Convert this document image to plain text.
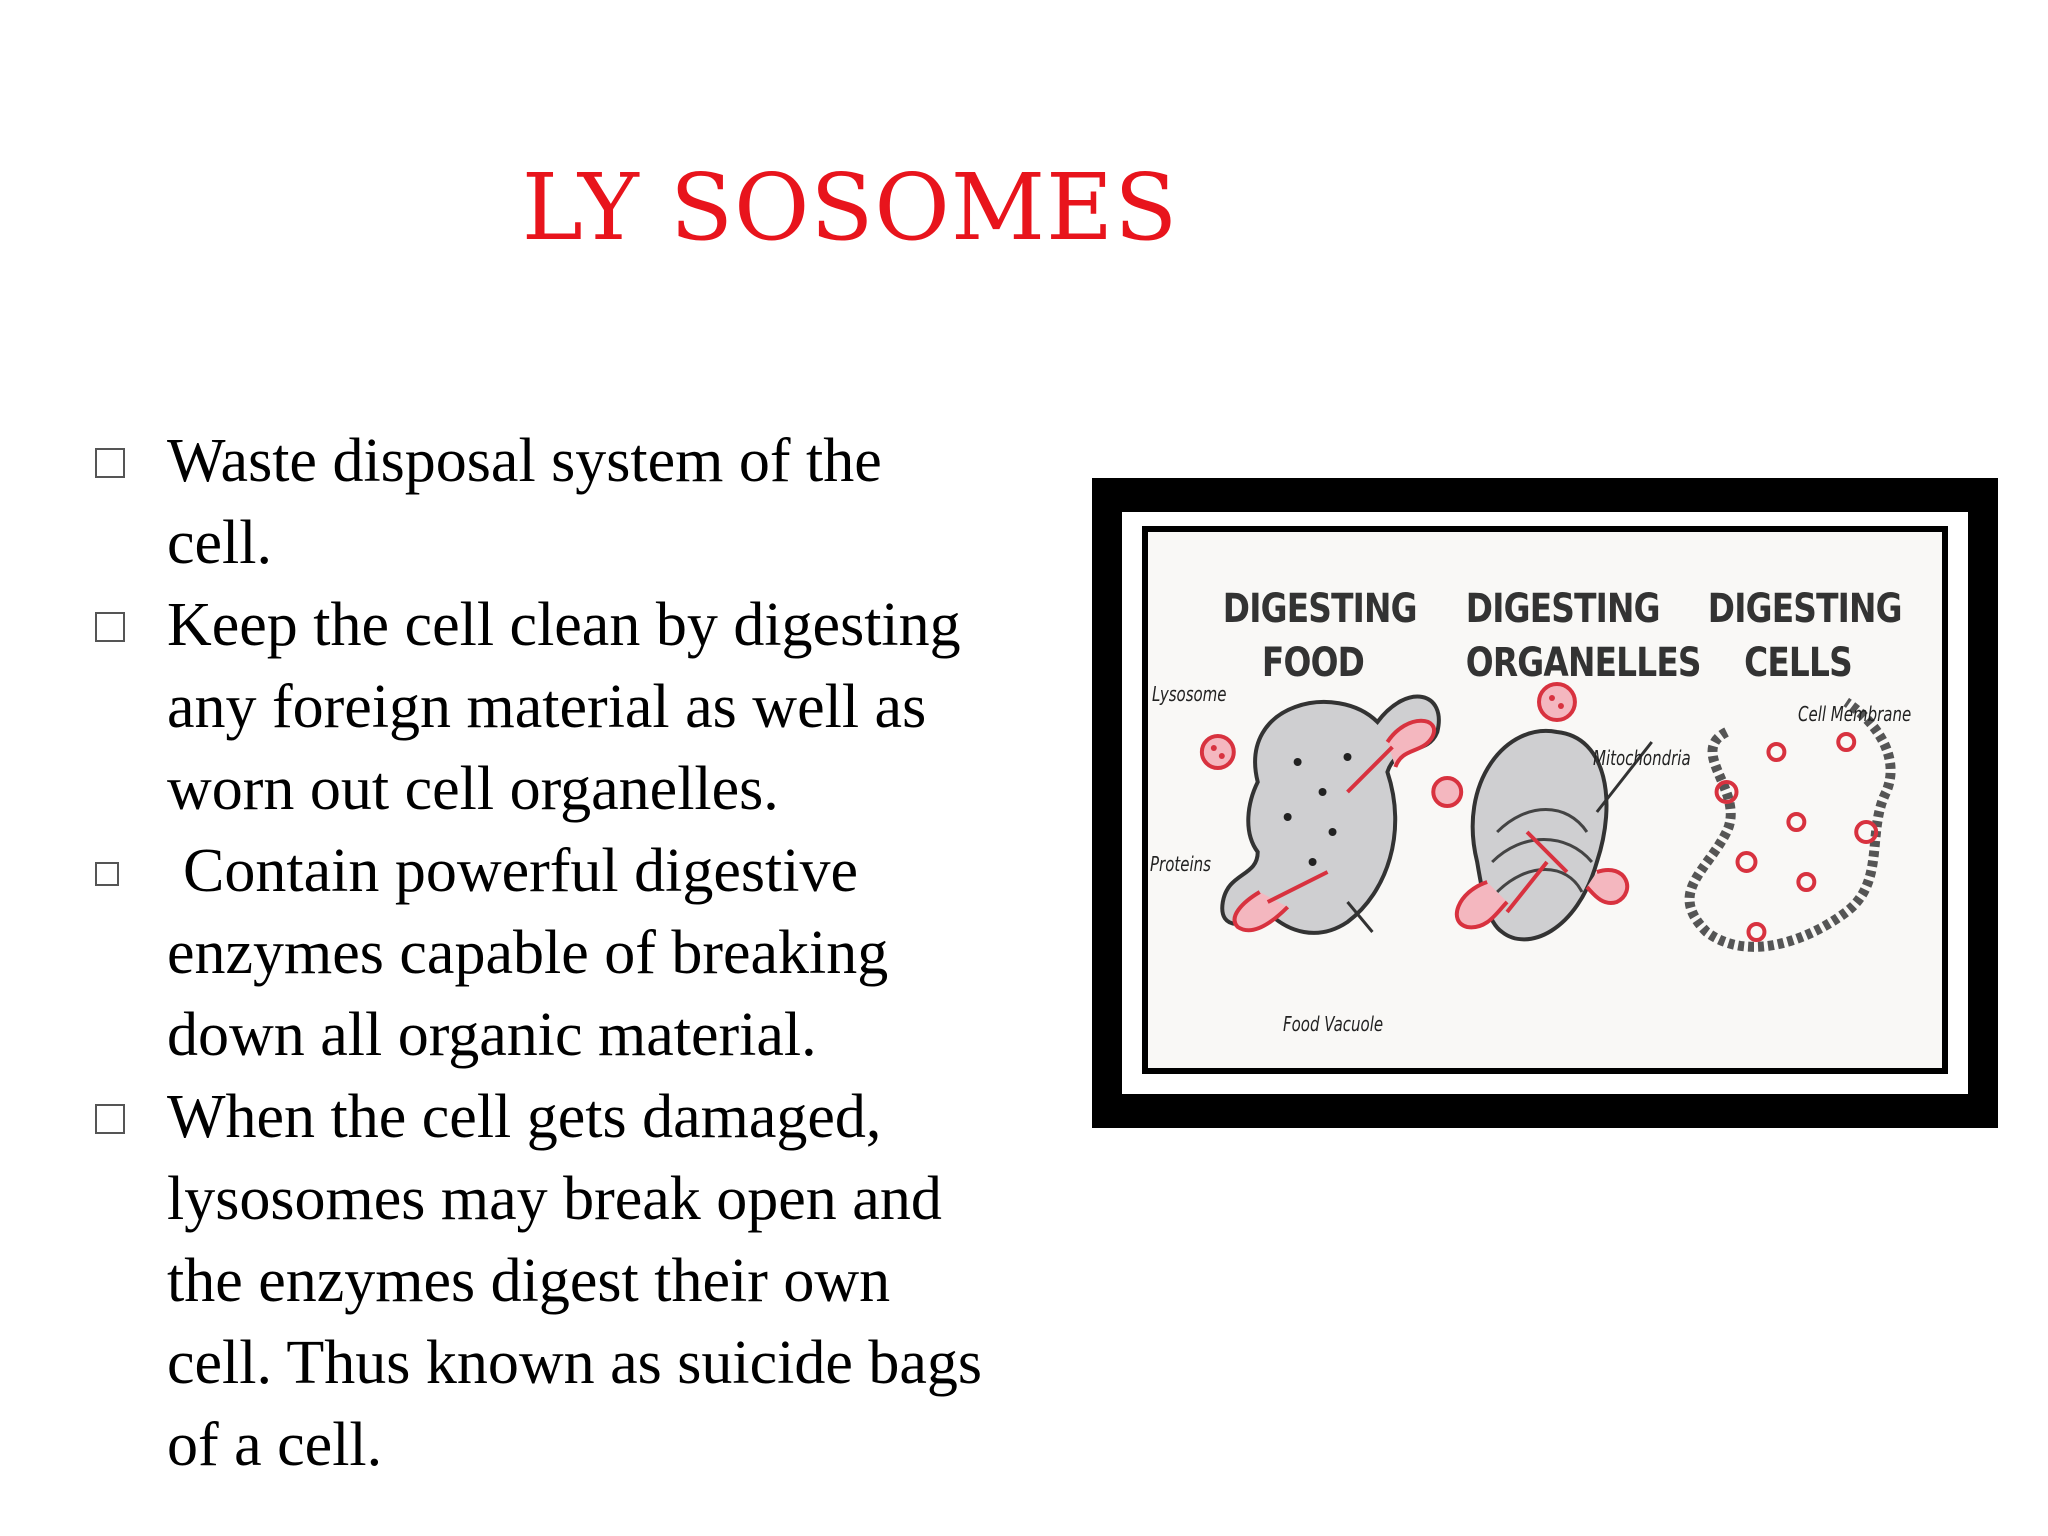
LY SOSOMES
Waste disposal system of the
cell.
Keep the cell clean by digesting
any foreign material as well as
worn out cell organelles.
Contain powerful digestive
enzymes capable of breaking
down all organic material.
When the cell gets damaged,
lysosomes may break open and
the enzymes digest their own
cell. Thus known as suicide bags
of a cell.
DIGESTING
FOOD
DIGESTING
ORGANELLES
DIGESTING
CELLS
Lysosome
Proteins
Food Vacuole
Mitochondria
Cell Membrane
